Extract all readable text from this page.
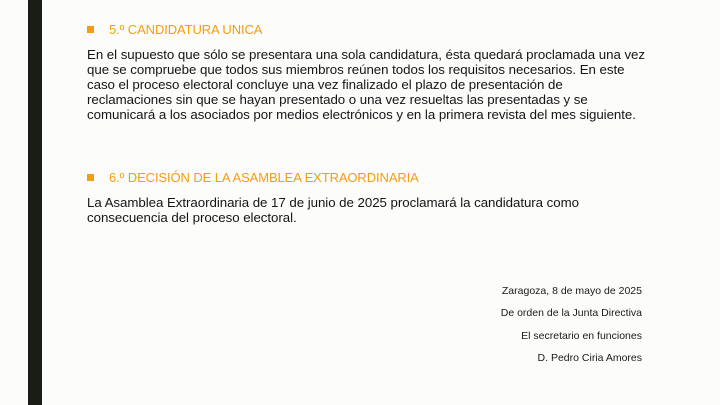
5.º CANDIDATURA UNICA

En el supuesto que sólo se presentara una sola candidatura, ésta quedará proclamada una vez que se compruebe que todos sus miembros reúnen todos los requisitos necesarios. En este caso el proceso electoral concluye una vez finalizado el plazo de presentación de reclamaciones sin que se hayan presentado o una vez resueltas las presentadas y se comunicará a los asociados por medios electrónicos y en la primera revista del mes siguiente.

6.º DECISIÓN DE LA ASAMBLEA EXTRAORDINARIA

La Asamblea Extraordinaria de 17 de junio de 2025 proclamará la candidatura como consecuencia del proceso electoral.

Zaragoza, 8 de mayo de 2025
De orden de la Junta Directiva
El secretario en funciones
D. Pedro Ciria Amores
